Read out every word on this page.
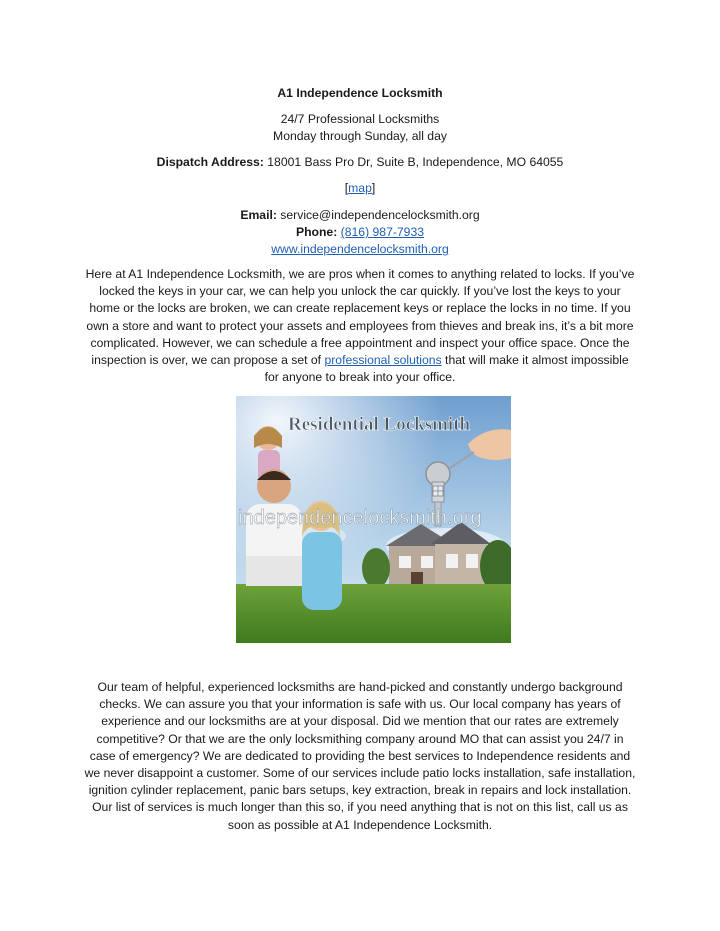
A1 Independence Locksmith
24/7 Professional Locksmiths
Monday through Sunday, all day
Dispatch Address: 18001 Bass Pro Dr, Suite B, Independence, MO 64055
[map]
Email: service@independencelocksmith.org
Phone: (816) 987-7933
www.independencelocksmith.org
Here at A1 Independence Locksmith, we are pros when it comes to anything related to locks. If you’ve locked the keys in your car, we can help you unlock the car quickly. If you’ve lost the keys to your home or the locks are broken, we can create replacement keys or replace the locks in no time. If you own a store and want to protect your assets and employees from thieves and break ins, it’s a bit more complicated. However, we can schedule a free appointment and inspect your office space. Once the inspection is over, we can propose a set of professional solutions that will make it almost impossible for anyone to break into your office.
Residential Locksmith
independencelocksmith.org
Our team of helpful, experienced locksmiths are hand-picked and constantly undergo background checks. We can assure you that your information is safe with us. Our local company has years of experience and our locksmiths are at your disposal. Did we mention that our rates are extremely competitive? Or that we are the only locksmithing company around MO that can assist you 24/7 in case of emergency? We are dedicated to providing the best services to Independence residents and we never disappoint a customer. Some of our services include patio locks installation, safe installation, ignition cylinder replacement, panic bars setups, key extraction, break in repairs and lock installation. Our list of services is much longer than this so, if you need anything that is not on this list, call us as soon as possible at A1 Independence Locksmith.
